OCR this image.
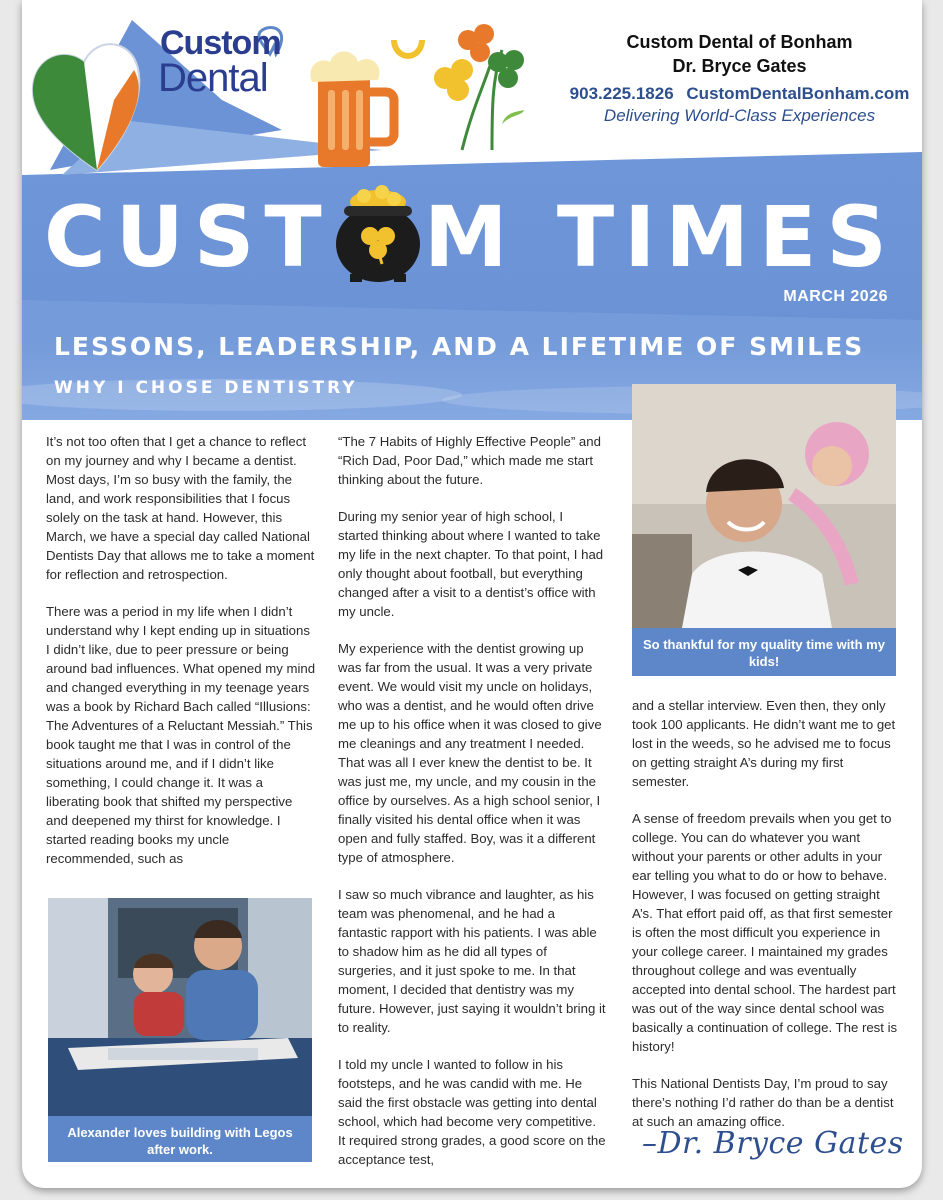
Custom
Dental
Custom Dental of Bonham
Dr. Bryce Gates
903.225.1826 CustomDentalBonham.com
Delivering World-Class Experiences
CUST M TIMES
MARCH 2026
LESSONS, LEADERSHIP, AND A LIFETIME OF SMILES
WHY I CHOSE DENTISTRY

It’s not too often that I get a chance to reflect on my journey and why I became a dentist. Most days, I’m so busy with the family, the land, and work responsibilities that I focus solely on the task at hand. However, this March, we have a special day called National Dentists Day that allows me to take a moment for reflection and retrospection.

There was a period in my life when I didn’t understand why I kept ending up in situations I didn’t like, due to peer pressure or being around bad influences. What opened my mind and changed everything in my teenage years was a book by Richard Bach called “Illusions: The Adventures of a Reluctant Messiah.” This book taught me that I was in control of the situations around me, and if I didn’t like something, I could change it. It was a liberating book that shifted my perspective and deepened my thirst for knowledge. I started reading books my uncle recommended, such as

Alexander loves building with Legos after work.

“The 7 Habits of Highly Effective People” and “Rich Dad, Poor Dad,” which made me start thinking about the future.

During my senior year of high school, I started thinking about where I wanted to take my life in the next chapter. To that point, I had only thought about football, but everything changed after a visit to a dentist’s office with my uncle.

My experience with the dentist growing up was far from the usual. It was a very private event. We would visit my uncle on holidays, who was a dentist, and he would often drive me up to his office when it was closed to give me cleanings and any treatment I needed. That was all I ever knew the dentist to be. It was just me, my uncle, and my cousin in the office by ourselves. As a high school senior, I finally visited his dental office when it was open and fully staffed. Boy, was it a different type of atmosphere.

I saw so much vibrance and laughter, as his team was phenomenal, and he had a fantastic rapport with his patients. I was able to shadow him as he did all types of surgeries, and it just spoke to me. In that moment, I decided that dentistry was my future. However, just saying it wouldn’t bring it to reality.

I told my uncle I wanted to follow in his footsteps, and he was candid with me. He said the first obstacle was getting into dental school, which had become very competitive. It required strong grades, a good score on the acceptance test,

So thankful for my quality time with my kids!

and a stellar interview. Even then, they only took 100 applicants. He didn’t want me to get lost in the weeds, so he advised me to focus on getting straight A’s during my first semester.

A sense of freedom prevails when you get to college. You can do whatever you want without your parents or other adults in your ear telling you what to do or how to behave. However, I was focused on getting straight A’s. That effort paid off, as that first semester is often the most difficult you experience in your college career. I maintained my grades throughout college and was eventually accepted into dental school. The hardest part was out of the way since dental school was basically a continuation of college. The rest is history!

This National Dentists Day, I’m proud to say there’s nothing I’d rather do than be a dentist at such an amazing office.

–Dr. Bryce Gates
